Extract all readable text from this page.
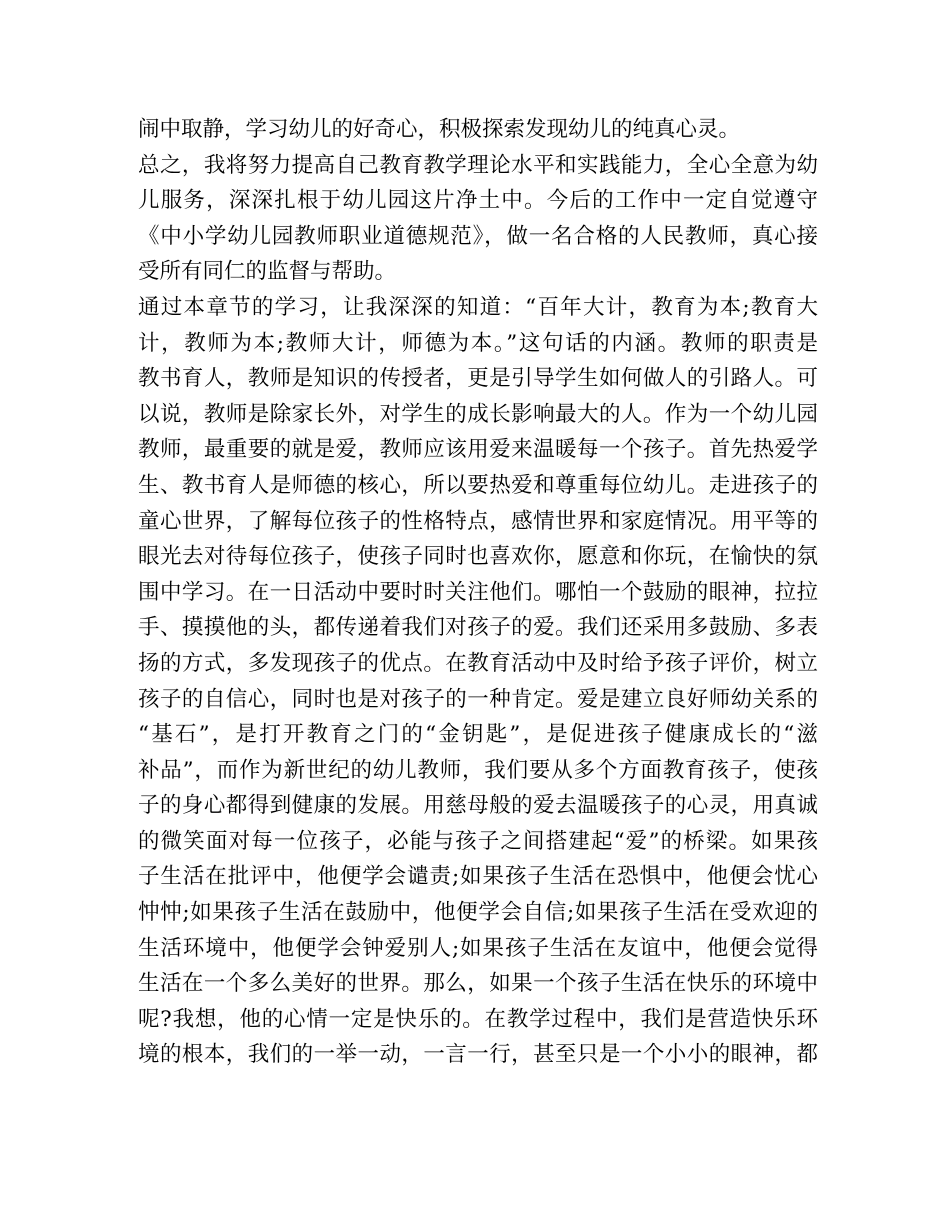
闹中取静，学习幼儿的好奇心，积极探索发现幼儿的纯真心灵。
总之，我将努力提高自己教育教学理论水平和实践能力，全心全意为幼
儿服务，深深扎根于幼儿园这片净土中。今后的工作中一定自觉遵守
《中小学幼儿园教师职业道德规范》，做一名合格的人民教师，真心接
受所有同仁的监督与帮助。
通过本章节的学习，让我深深的知道：“百年大计，教育为本;教育大
计，教师为本;教师大计，师德为本。”这句话的内涵。教师的职责是
教书育人，教师是知识的传授者，更是引导学生如何做人的引路人。可
以说，教师是除家长外，对学生的成长影响最大的人。作为一个幼儿园
教师，最重要的就是爱，教师应该用爱来温暖每一个孩子。首先热爱学
生、教书育人是师德的核心，所以要热爱和尊重每位幼儿。走进孩子的
童心世界，了解每位孩子的性格特点，感情世界和家庭情况。用平等的
眼光去对待每位孩子，使孩子同时也喜欢你，愿意和你玩，在愉快的氛
围中学习。在一日活动中要时时关注他们。哪怕一个鼓励的眼神，拉拉
手、摸摸他的头，都传递着我们对孩子的爱。我们还采用多鼓励、多表
扬的方式，多发现孩子的优点。在教育活动中及时给予孩子评价，树立
孩子的自信心，同时也是对孩子的一种肯定。爱是建立良好师幼关系的
“基石”，是打开教育之门的“金钥匙”，是促进孩子健康成长的“滋
补品”，而作为新世纪的幼儿教师，我们要从多个方面教育孩子，使孩
子的身心都得到健康的发展。用慈母般的爱去温暖孩子的心灵，用真诚
的微笑面对每一位孩子，必能与孩子之间搭建起“爱”的桥梁。如果孩
子生活在批评中，他便学会谴责;如果孩子生活在恐惧中，他便会忧心
忡忡;如果孩子生活在鼓励中，他便学会自信;如果孩子生活在受欢迎的
生活环境中，他便学会钟爱别人;如果孩子生活在友谊中，他便会觉得
生活在一个多么美好的世界。那么，如果一个孩子生活在快乐的环境中
呢?我想，他的心情一定是快乐的。在教学过程中，我们是营造快乐环
境的根本，我们的一举一动，一言一行，甚至只是一个小小的眼神，都
